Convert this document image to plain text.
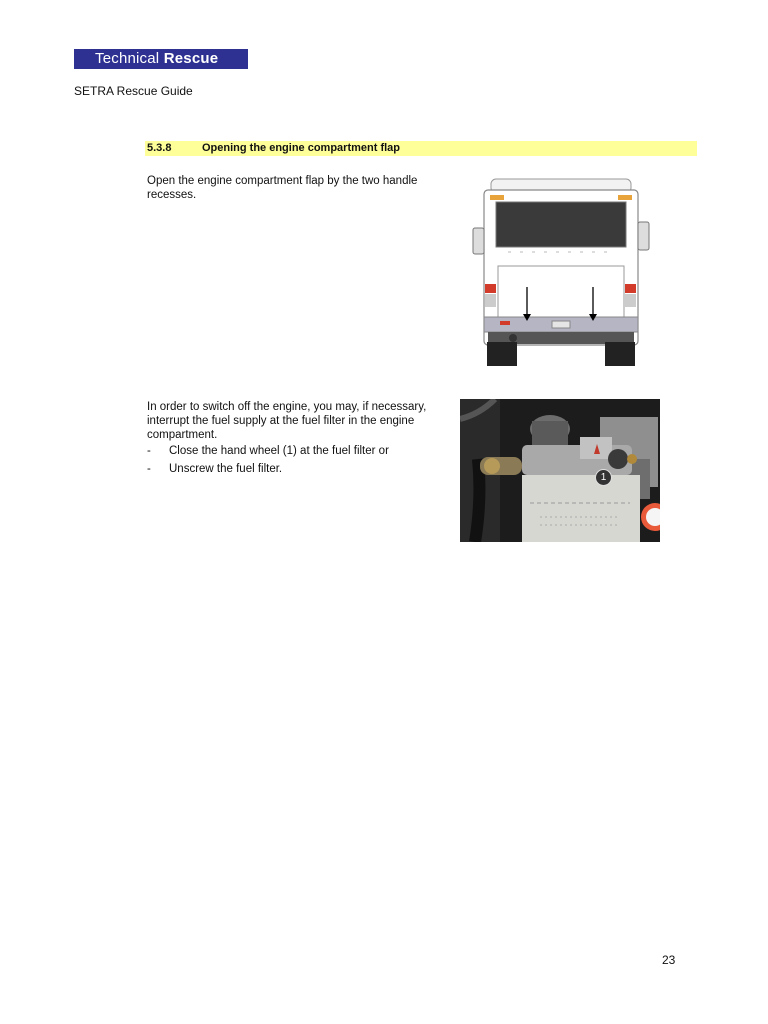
Technical Rescue
SETRA Rescue Guide
5.3.8	Opening the engine compartment flap
Open the engine compartment flap by the two handle recesses.
In order to switch off the engine, you may, if necessary, interrupt the fuel supply at the fuel filter in the engine compartment.
-	Close the hand wheel (1) at the fuel filter or
-	Unscrew the fuel filter.
1
23
